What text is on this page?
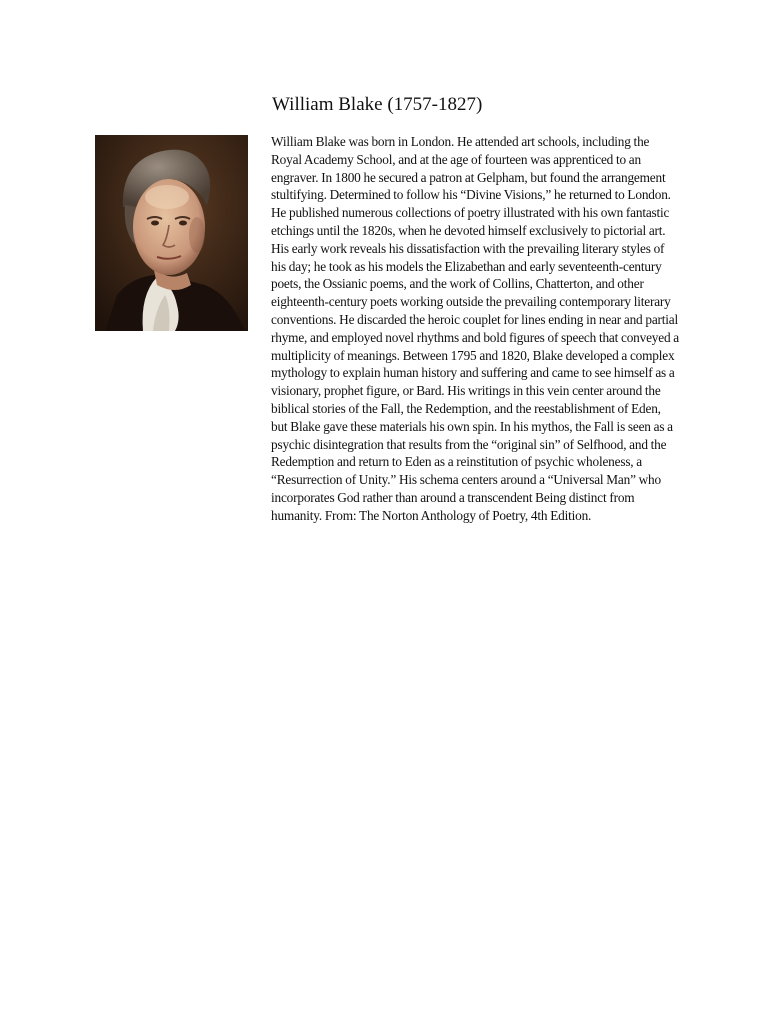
William Blake (1757-1827)

William Blake was born in London. He attended art schools, including the Royal Academy School, and at the age of fourteen was apprenticed to an engraver. In 1800 he secured a patron at Gelpham, but found the arrangement stultifying. Determined to follow his “Divine Visions,” he returned to London. He published numerous collections of poetry illustrated with his own fantastic etchings until the 1820s, when he devoted himself exclusively to pictorial art. His early work reveals his dissatisfaction with the prevailing literary styles of his day; he took as his models the Elizabethan and early seventeenth-century poets, the Ossianic poems, and the work of Collins, Chatterton, and other eighteenth-century poets working outside the prevailing contemporary literary conventions. He discarded the heroic couplet for lines ending in near and partial rhyme, and employed novel rhythms and bold figures of speech that conveyed a multiplicity of meanings. Between 1795 and 1820, Blake developed a complex mythology to explain human history and suffering and came to see himself as a visionary, prophet figure, or Bard. His writings in this vein center around the biblical stories of the Fall, the Redemption, and the reestablishment of Eden, but Blake gave these materials his own spin. In his mythos, the Fall is seen as a psychic disintegration that results from the “original sin” of Selfhood, and the Redemption and return to Eden as a reinstitution of psychic wholeness, a “Resurrection of Unity.” His schema centers around a “Universal Man” who incorporates God rather than around a transcendent Being distinct from humanity. From: The Norton Anthology of Poetry, 4th Edition.
